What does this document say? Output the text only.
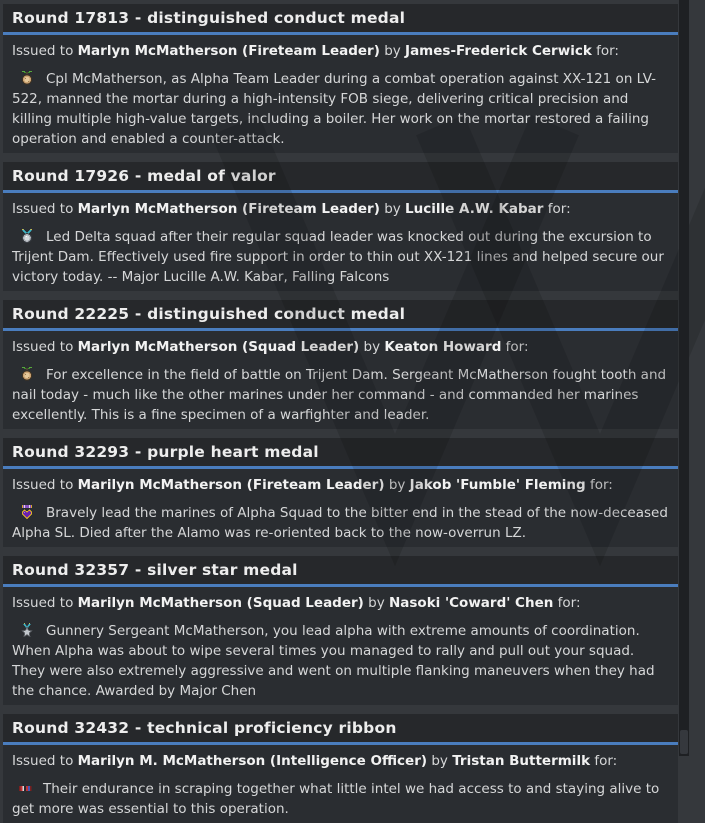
Round 17813 - distinguished conduct medal
Issued to Marlyn McMatherson (Fireteam Leader) by James-Frederick Cerwick for:
Cpl McMatherson, as Alpha Team Leader during a combat operation against XX-121 on LV-522, manned the mortar during a high-intensity FOB siege, delivering critical precision and killing multiple high-value targets, including a boiler. Her work on the mortar restored a failing operation and enabled a counter-attack.
Round 17926 - medal of valor
Issued to Marlyn McMatherson (Fireteam Leader) by Lucille A.W. Kabar for:
Led Delta squad after their regular squad leader was knocked out during the excursion to Trijent Dam. Effectively used fire support in order to thin out XX-121 lines and helped secure our victory today. -- Major Lucille A.W. Kabar, Falling Falcons
Round 22225 - distinguished conduct medal
Issued to Marlyn McMatherson (Squad Leader) by Keaton Howard for:
For excellence in the field of battle on Trijent Dam. Sergeant McMatherson fought tooth and nail today - much like the other marines under her command - and commanded her marines excellently. This is a fine specimen of a warfighter and leader.
Round 32293 - purple heart medal
Issued to Marilyn McMatherson (Fireteam Leader) by Jakob 'Fumble' Fleming for:
Bravely lead the marines of Alpha Squad to the bitter end in the stead of the now-deceased Alpha SL. Died after the Alamo was re-oriented back to the now-overrun LZ.
Round 32357 - silver star medal
Issued to Marilyn McMatherson (Squad Leader) by Nasoki 'Coward' Chen for:
Gunnery Sergeant McMatherson, you lead alpha with extreme amounts of coordination. When Alpha was about to wipe several times you managed to rally and pull out your squad. They were also extremely aggressive and went on multiple flanking maneuvers when they had the chance. Awarded by Major Chen
Round 32432 - technical proficiency ribbon
Issued to Marilyn M. McMatherson (Intelligence Officer) by Tristan Buttermilk for:
Their endurance in scraping together what little intel we had access to and staying alive to get more was essential to this operation.
